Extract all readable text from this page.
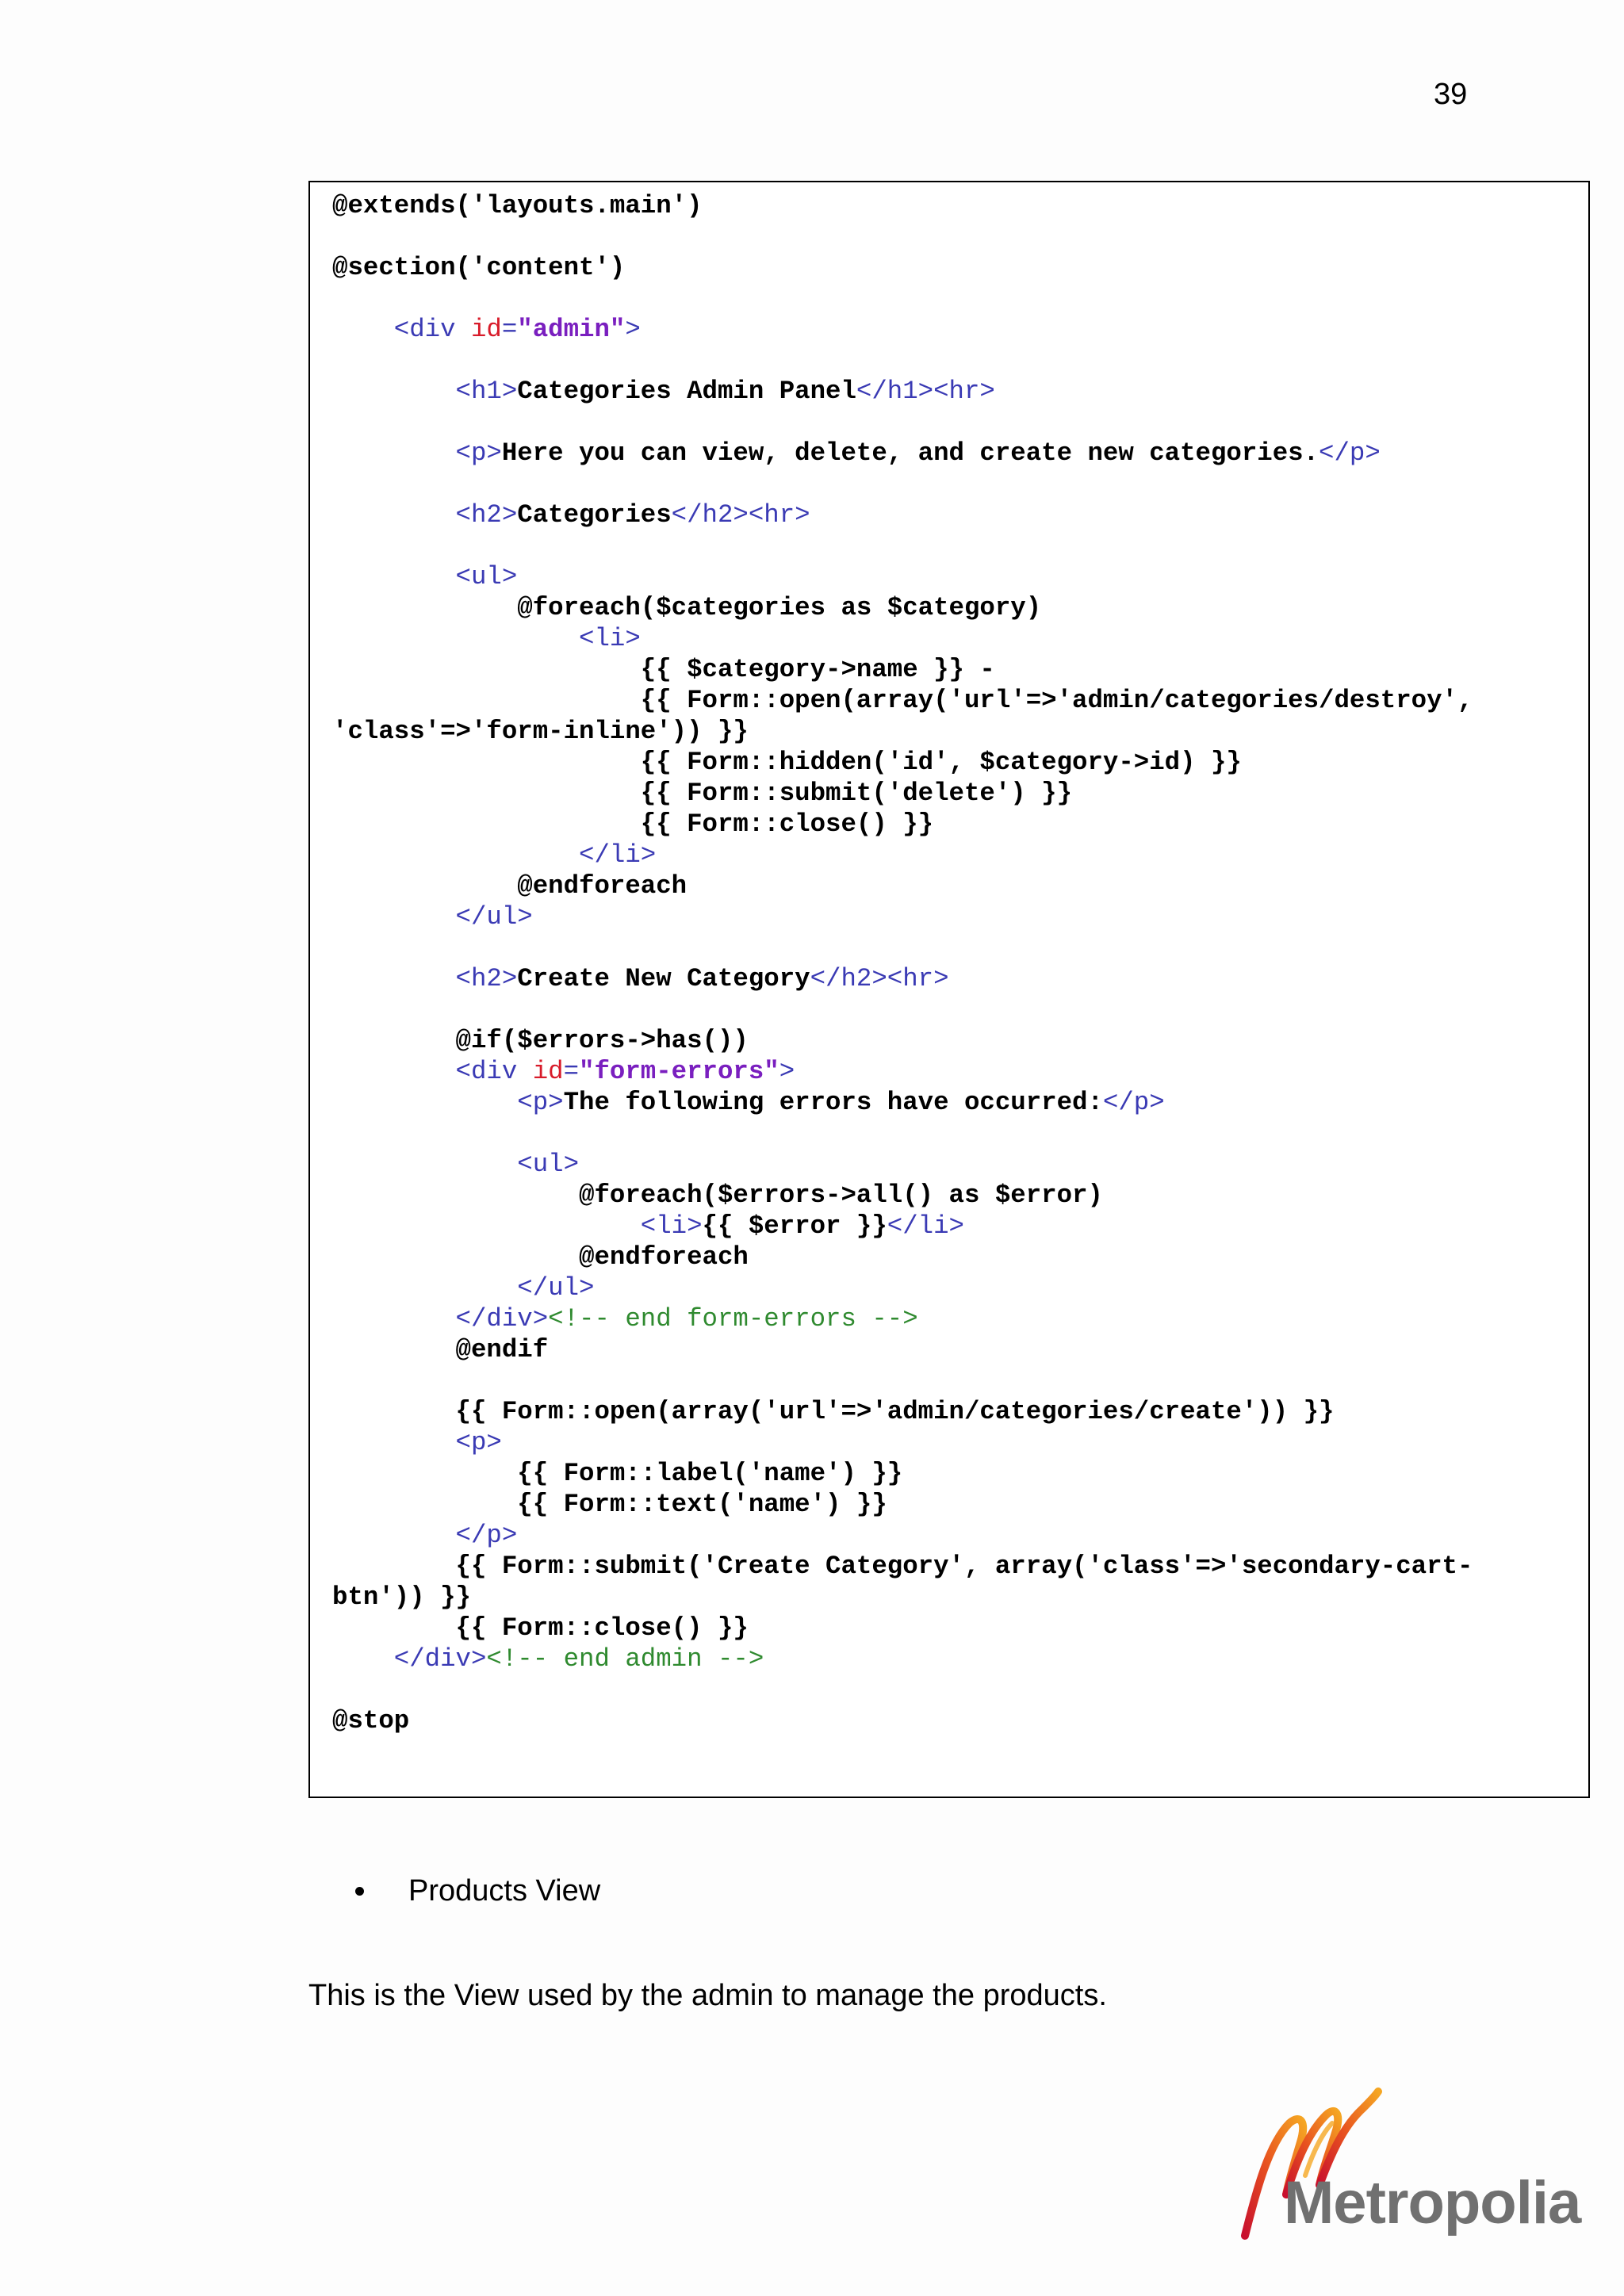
39
@extends('layouts.main')

@section('content')

<div id="admin">

<h1>Categories Admin Panel</h1><hr>

<p>Here you can view, delete, and create new categories.</p>

<h2>Categories</h2><hr>

<ul>
@foreach($categories as $category)
<li>
{{ $category->name }} -
{{ Form::open(array('url'=>'admin/categories/destroy',
'class'=>'form-inline')) }}
{{ Form::hidden('id', $category->id) }}
{{ Form::submit('delete') }}
{{ Form::close() }}
</li>
@endforeach
</ul>

<h2>Create New Category</h2><hr>

@if($errors->has())
<div id="form-errors">
<p>The following errors have occurred:</p>

<ul>
@foreach($errors->all() as $error)
<li>{{ $error }}</li>
@endforeach
</ul>
</div><!-- end form-errors -->
@endif

{{ Form::open(array('url'=>'admin/categories/create')) }}
<p>
{{ Form::label('name') }}
{{ Form::text('name') }}
</p>
{{ Form::submit('Create Category', array('class'=>'secondary-cart-
btn')) }}
{{ Form::close() }}
</div><!-- end admin -->

@stop
Products View
This is the View used by the admin to manage the products.
Metropolia
